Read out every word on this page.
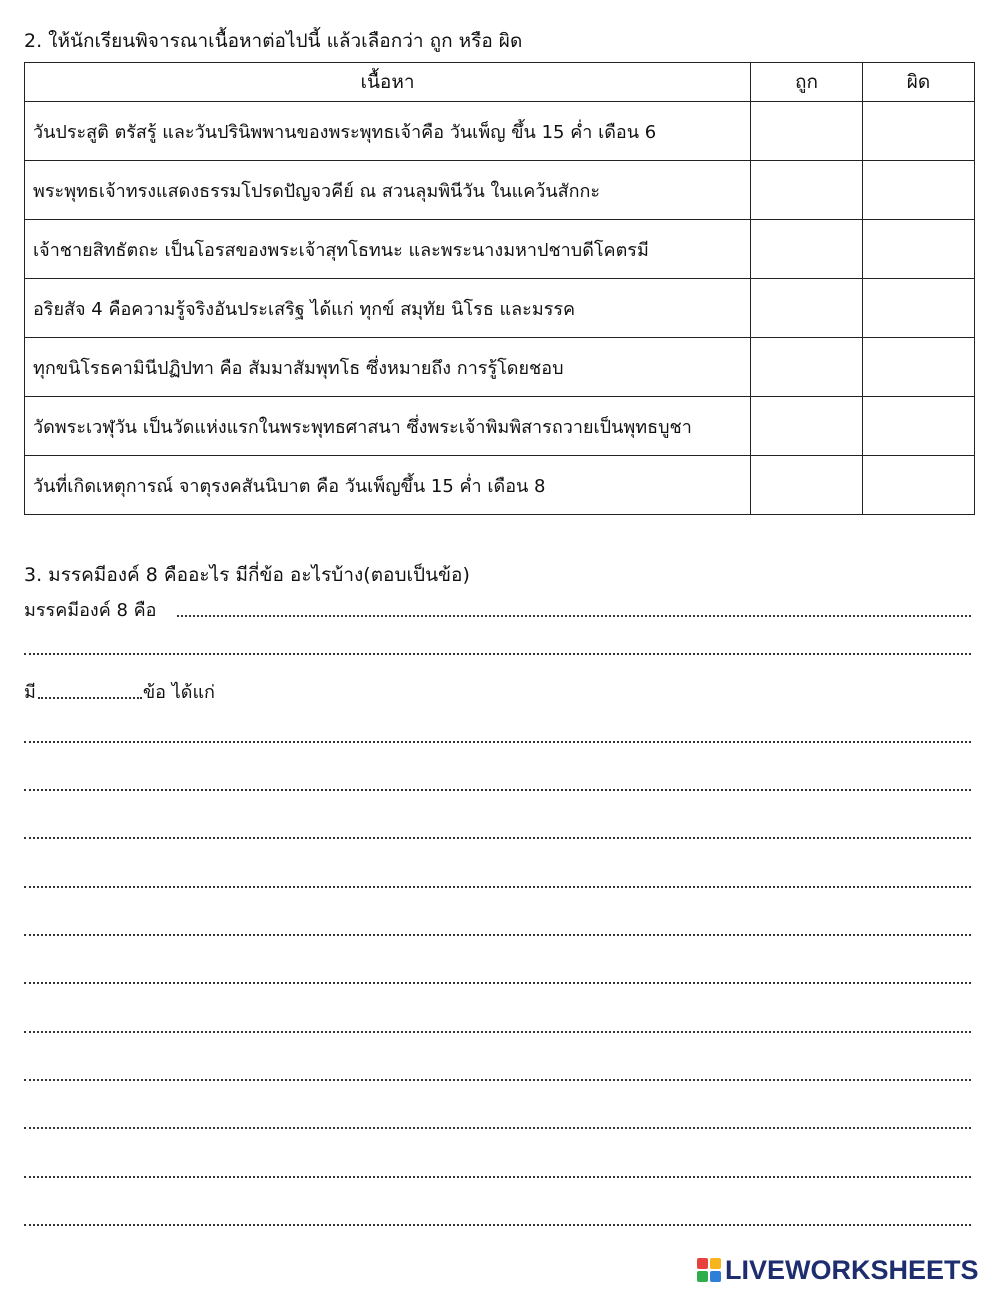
2. ให้นักเรียนพิจารณาเนื้อหาต่อไปนี้ แล้วเลือกว่า ถูก หรือ ผิด
เนื้อหา	ถูก	ผิด
วันประสูติ ตรัสรู้ และวันปรินิพพานของพระพุทธเจ้าคือ วันเพ็ญ ขึ้น 15 ค่ำ เดือน 6		
พระพุทธเจ้าทรงแสดงธรรมโปรดปัญจวคีย์ ณ สวนลุมพินีวัน ในแคว้นสักกะ		
เจ้าชายสิทธัตถะ เป็นโอรสของพระเจ้าสุทโธทนะ และพระนางมหาปชาบดีโคตรมี		
อริยสัจ 4 คือความรู้จริงอันประเสริฐ ได้แก่ ทุกข์ สมุทัย นิโรธ และมรรค		
ทุกขนิโรธคามินีปฏิปทา คือ สัมมาสัมพุทโธ ซึ่งหมายถึง การรู้โดยชอบ		
วัดพระเวฬุวัน เป็นวัดแห่งแรกในพระพุทธศาสนา ซึ่งพระเจ้าพิมพิสารถวายเป็นพุทธบูชา		
วันที่เกิดเหตุการณ์ จาตุรงคสันนิบาต คือ วันเพ็ญขึ้น 15 ค่ำ เดือน 8		
3. มรรคมีองค์ 8 คืออะไร มีกี่ข้อ อะไรบ้าง(ตอบเป็นข้อ)
มรรคมีองค์ 8 คือ
มี	ข้อ ได้แก่
LIVEWORKSHEETS
